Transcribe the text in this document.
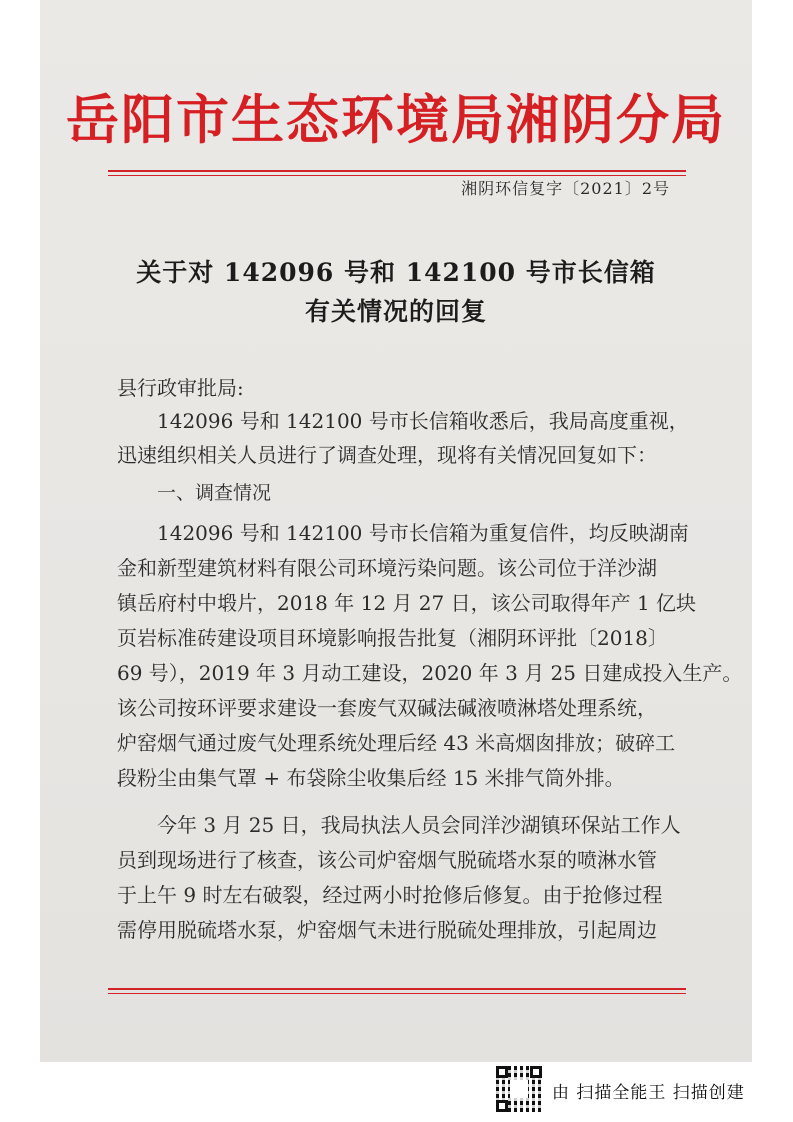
岳阳市生态环境局湘阴分局
湘阴环信复字〔2021〕2号
关于对 142096 号和 142100 号市长信箱
有关情况的回复
县行政审批局:
142096 号和 142100 号市长信箱收悉后，我局高度重视，
迅速组织相关人员进行了调查处理，现将有关情况回复如下：
一、调查情况
142096 号和 142100 号市长信箱为重复信件，均反映湖南
金和新型建筑材料有限公司环境污染问题。该公司位于洋沙湖
镇岳府村中塅片，2018 年 12 月 27 日，该公司取得年产 1 亿块
页岩标准砖建设项目环境影响报告批复（湘阴环评批〔2018〕
69 号），2019 年 3 月动工建设，2020 年 3 月 25 日建成投入生产。
该公司按环评要求建设一套废气双碱法碱液喷淋塔处理系统，
炉窑烟气通过废气处理系统处理后经 43 米高烟囱排放；破碎工
段粉尘由集气罩 + 布袋除尘收集后经 15 米排气筒外排。
今年 3 月 25 日，我局执法人员会同洋沙湖镇环保站工作人
员到现场进行了核查，该公司炉窑烟气脱硫塔水泵的喷淋水管
于上午 9 时左右破裂，经过两小时抢修后修复。由于抢修过程
需停用脱硫塔水泵，炉窑烟气未进行脱硫处理排放，引起周边
由 扫描全能王 扫描创建
